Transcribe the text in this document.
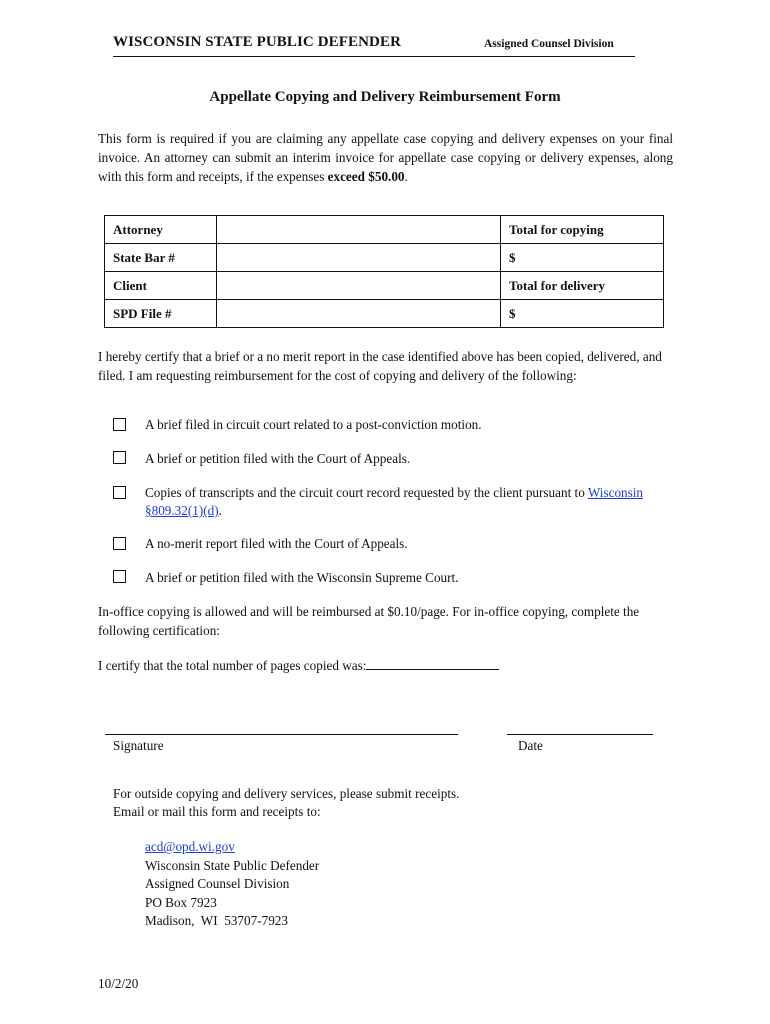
WISCONSIN STATE PUBLIC DEFENDER	Assigned Counsel Division
Appellate Copying and Delivery Reimbursement Form
This form is required if you are claiming any appellate case copying and delivery expenses on your final invoice. An attorney can submit an interim invoice for appellate case copying or delivery expenses, along with this form and receipts, if the expenses exceed $50.00.
Attorney		Total for copying
State Bar #		$
Client		Total for delivery
SPD File #		$
I hereby certify that a brief or a no merit report in the case identified above has been copied, delivered, and filed. I am requesting reimbursement for the cost of copying and delivery of the following:
A brief filed in circuit court related to a post-conviction motion.
A brief or petition filed with the Court of Appeals.
Copies of transcripts and the circuit court record requested by the client pursuant to Wisconsin
§809.32(1)(d).
A no-merit report filed with the Court of Appeals.
A brief or petition filed with the Wisconsin Supreme Court.
In-office copying is allowed and will be reimbursed at $0.10/page. For in-office copying, complete the following certification:
I certify that the total number of pages copied was:
Signature	Date
For outside copying and delivery services, please submit receipts.
Email or mail this form and receipts to:
acd@opd.wi.gov
Wisconsin State Public Defender
Assigned Counsel Division
PO Box 7923
Madison,  WI  53707-7923
10/2/20
